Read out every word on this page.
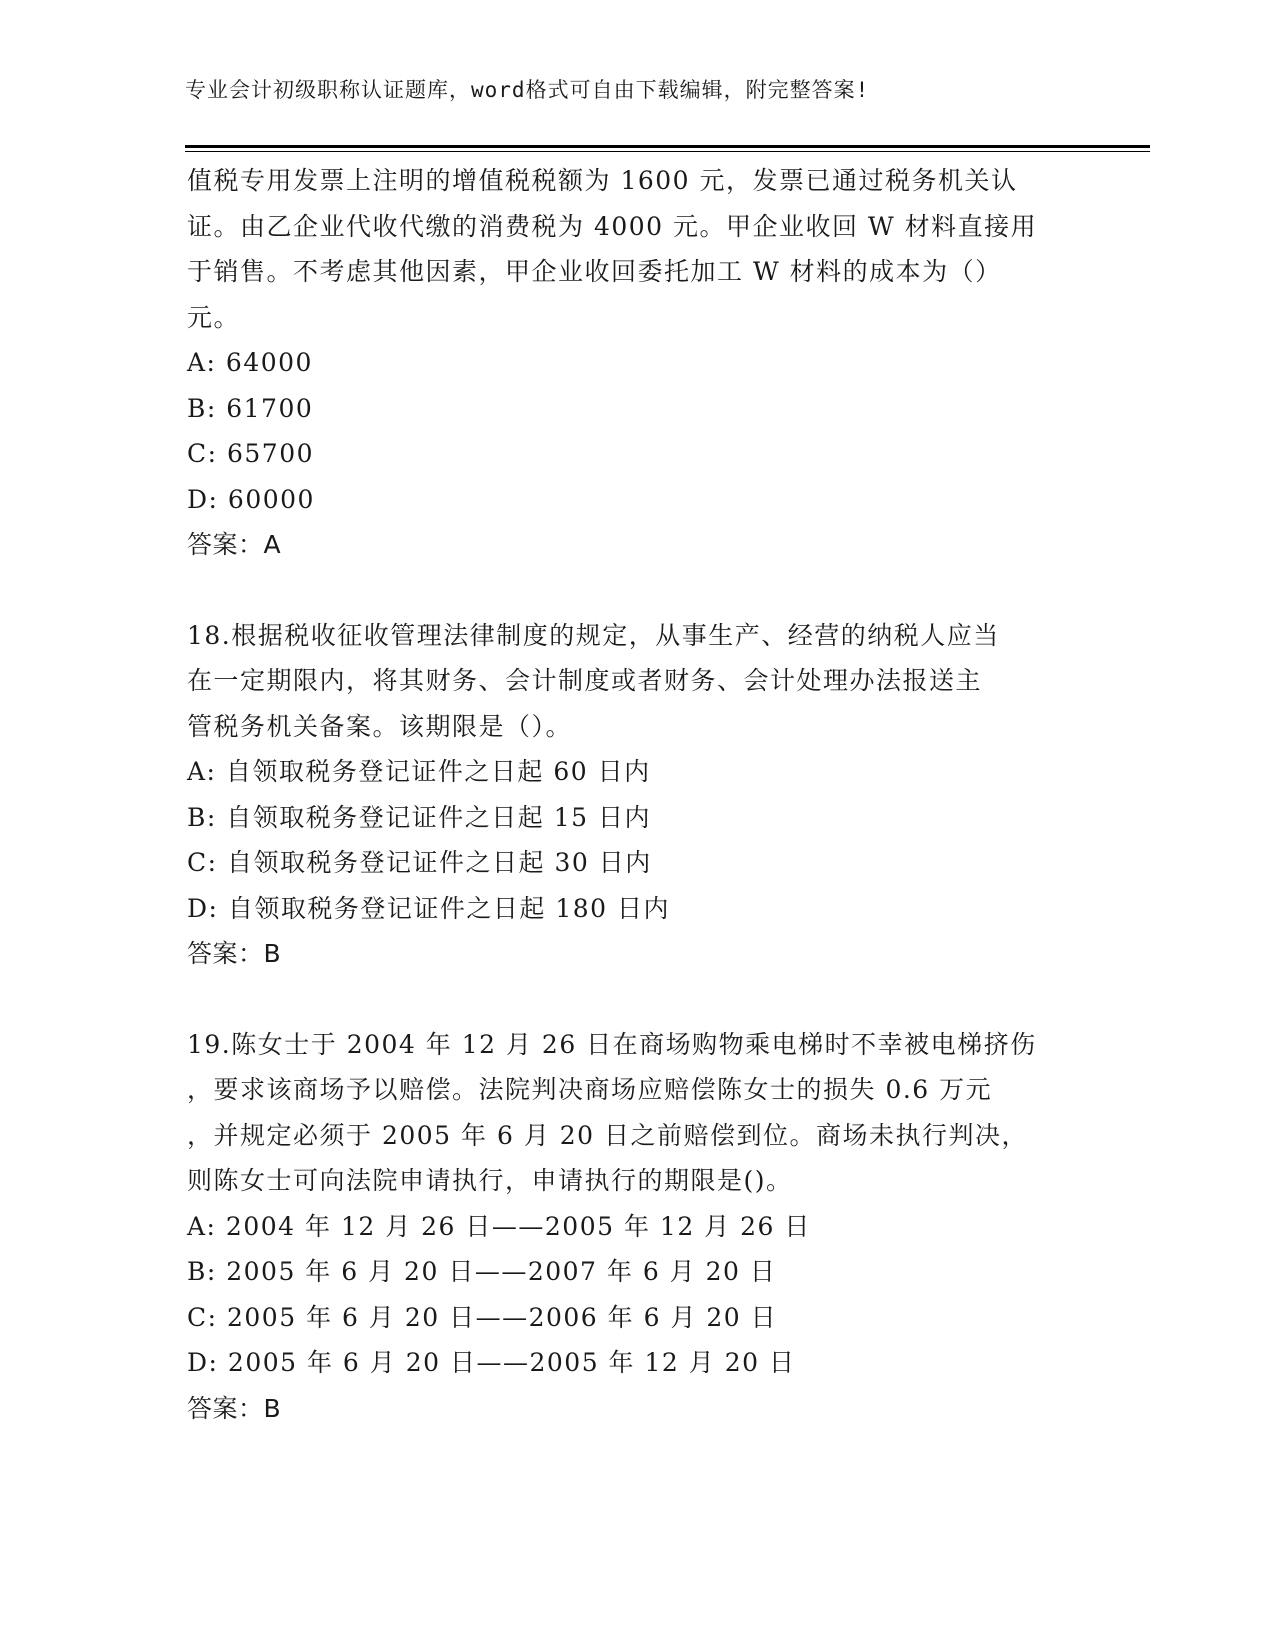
专业会计初级职称认证题库，word格式可自由下载编辑，附完整答案!
值税专用发票上注明的增值税税额为 1600 元，发票已通过税务机关认
证。由乙企业代收代缴的消费税为 4000 元。甲企业收回 W 材料直接用
于销售。不考虑其他因素，甲企业收回委托加工 W 材料的成本为（）
元。
A: 64000
B: 61700
C: 65700
D: 60000
答案：A
18.根据税收征收管理法律制度的规定，从事生产、经营的纳税人应当
在一定期限内，将其财务、会计制度或者财务、会计处理办法报送主
管税务机关备案。该期限是（）。
A: 自领取税务登记证件之日起 60 日内
B: 自领取税务登记证件之日起 15 日内
C: 自领取税务登记证件之日起 30 日内
D: 自领取税务登记证件之日起 180 日内
答案：B
19.陈女士于 2004 年 12 月 26 日在商场购物乘电梯时不幸被电梯挤伤
，要求该商场予以赔偿。法院判决商场应赔偿陈女士的损失 0.6 万元
，并规定必须于 2005 年 6 月 20 日之前赔偿到位。商场未执行判决，
则陈女士可向法院申请执行，申请执行的期限是()。
A: 2004 年 12 月 26 日——2005 年 12 月 26 日
B: 2005 年 6 月 20 日——2007 年 6 月 20 日
C: 2005 年 6 月 20 日——2006 年 6 月 20 日
D: 2005 年 6 月 20 日——2005 年 12 月 20 日
答案：B
